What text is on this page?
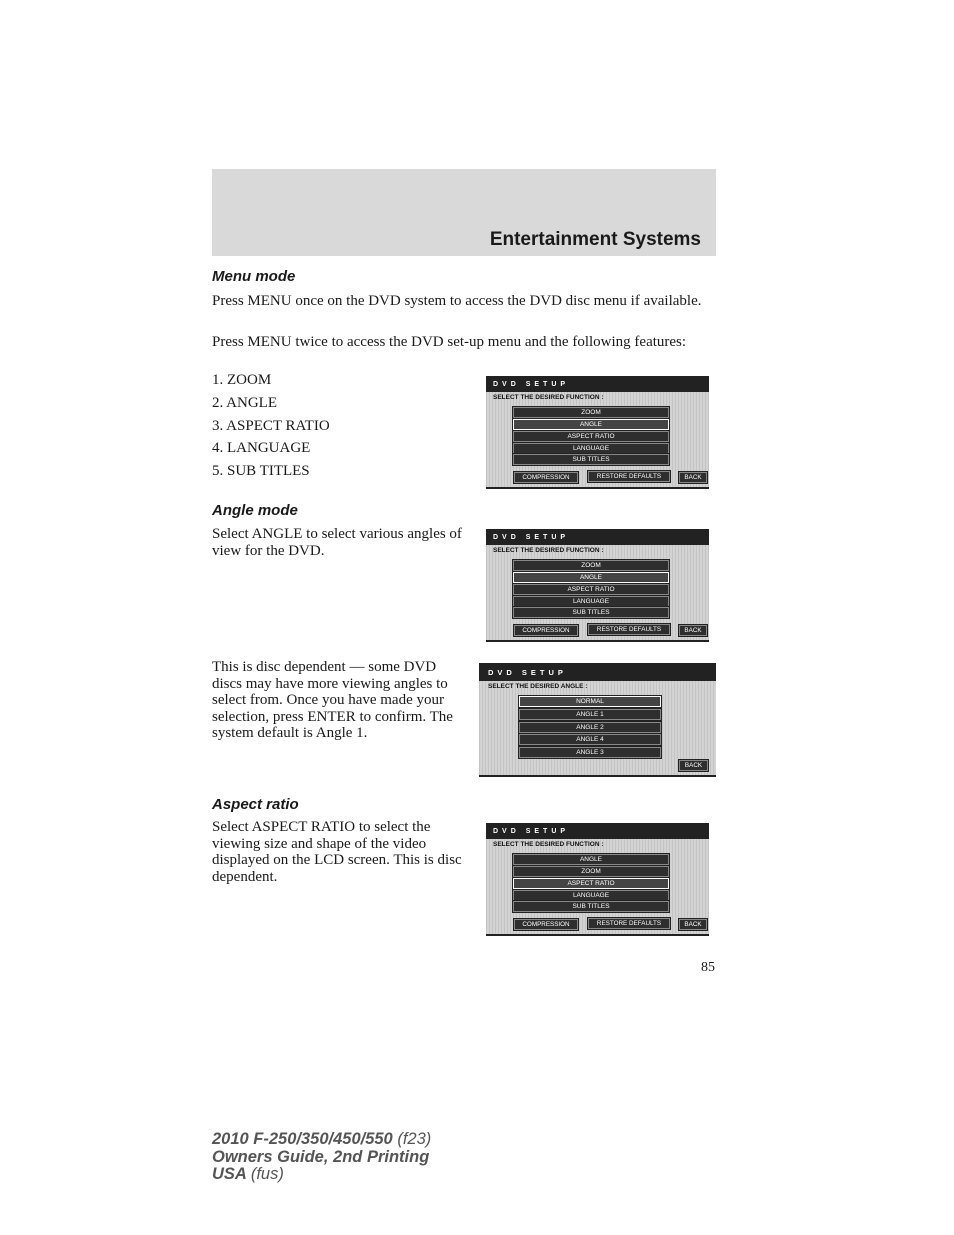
Entertainment Systems
Menu mode
Press MENU once on the DVD system to access the DVD disc menu if available.
Press MENU twice to access the DVD set-up menu and the following features:
1. ZOOM
2. ANGLE
3. ASPECT RATIO
4. LANGUAGE
5. SUB TITLES
DVD SETUP
SELECT THE DESIRED FUNCTION :
ZOOM
ANGLE
ASPECT RATIO
LANGUAGE
SUB TITLES
COMPRESSION	RESTORE DEFAULTS	BACK
Angle mode
Select ANGLE to select various angles of view for the DVD.
DVD SETUP
SELECT THE DESIRED FUNCTION :
ZOOM
ANGLE
ASPECT RATIO
LANGUAGE
SUB TITLES
COMPRESSION	RESTORE DEFAULTS	BACK
This is disc dependent — some DVD discs may have more viewing angles to select from. Once you have made your selection, press ENTER to confirm. The system default is Angle 1.
DVD SETUP
SELECT THE DESIRED ANGLE :
NORMAL
ANGLE 1
ANGLE 2
ANGLE 4
ANGLE 3
BACK
Aspect ratio
Select ASPECT RATIO to select the viewing size and shape of the video displayed on the LCD screen. This is disc dependent.
DVD SETUP
SELECT THE DESIRED FUNCTION :
ANGLE
ZOOM
ASPECT RATIO
LANGUAGE
SUB TITLES
COMPRESSION	RESTORE DEFAULTS	BACK
85
2010 F-250/350/450/550 (f23)
Owners Guide, 2nd Printing
USA (fus)
